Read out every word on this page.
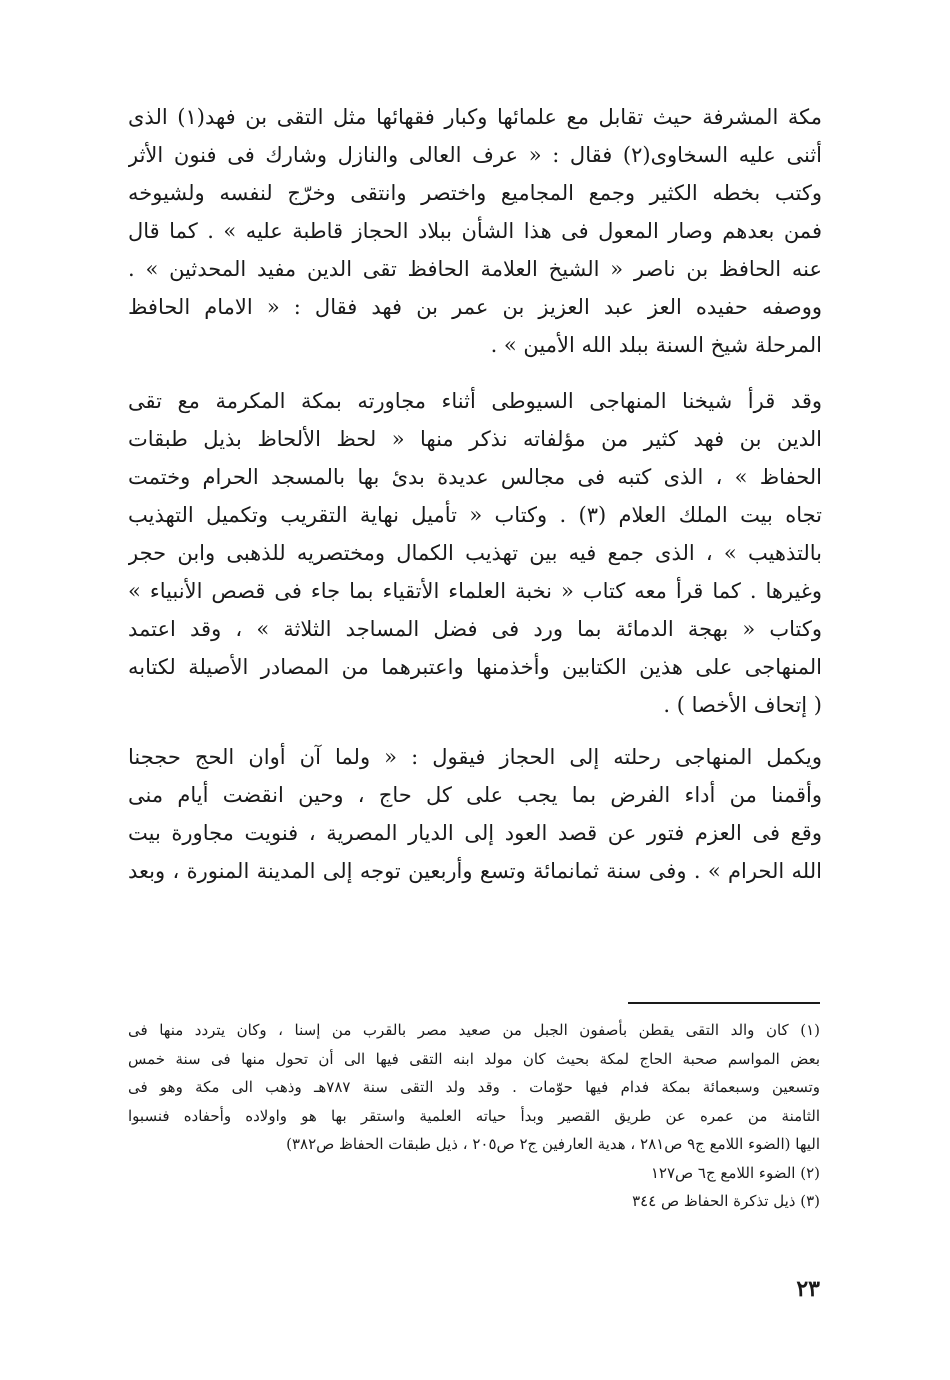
مكة المشرفة حيث تقابل مع علمائها وكبار فقهائها مثل التقى بن فهد(١) الذى
أثنى عليه السخاوى(٢) فقال : « عرف العالى والنازل وشارك فى فنون الأثر
وكتب بخطه الكثير وجمع المجاميع واختصر وانتقى وخرّج لنفسه ولشيوخه
فمن بعدهم وصار المعول فى هذا الشأن ببلاد الحجاز قاطبة عليه » . كما قال
عنه الحافظ بن ناصر « الشيخ العلامة الحافظ تقى الدين مفيد المحدثين » .
ووصفه حفيده العز عبد العزيز بن عمر بن فهد فقال : « الامام الحافظ
المرحلة شيخ السنة ببلد الله الأمين » .
وقد قرأ شيخنا المنهاجى السيوطى أثناء مجاورته بمكة المكرمة مع تقى
الدين بن فهد كثير من مؤلفاته نذكر منها « لحظ الألحاظ بذيل طبقات
الحفاظ » ، الذى كتبه فى مجالس عديدة بدئ بها بالمسجد الحرام وختمت
تجاه بيت الملك العلام (٣) . وكتاب « تأميل نهاية التقريب وتكميل التهذيب
بالتذهيب » ، الذى جمع فيه بين تهذيب الكمال ومختصريه للذهبى وابن حجر
وغيرها . كما قرأ معه كتاب « نخبة العلماء الأتقياء بما جاء فى قصص الأنبياء »
وكتاب « بهجة الدمائة بما ورد فى فضل المساجد الثلاثة » ، وقد اعتمد
المنهاجى على هذين الكتابين وأخذمنها واعتبرهما من المصادر الأصيلة لكتابه
( إتحاف الأخصا ) .
ويكمل المنهاجى رحلته إلى الحجاز فيقول : « ولما آن أوان الحج حججنا
وأقمنا من أداء الفرض بما يجب على كل حاج ، وحين انقضت أيام منى
وقع فى العزم فتور عن قصد العود إلى الديار المصرية ، فنويت مجاورة بيت
الله الحرام » . وفى سنة ثمانمائة وتسع وأربعين توجه إلى المدينة المنورة ، وبعد
(١) كان والد التقى يقطن بأصفون الجبل من صعيد مصر بالقرب من إسنا ، وكان يتردد منها فى
بعض المواسم صحبة الحاج لمكة بحيث كان مولد ابنه التقى فيها الى أن تحول منها فى سنة خمس
وتسعين وسبعمائة بمكة فدام فيها حوّمات . وقد ولد التقى سنة ٧٨٧هـ وذهب الى مكة وهو فى
الثامنة من عمره عن طريق القصير وبدأ حياته العلمية واستقر بها هو واولاده وأحفاده فنسبوا
اليها (الضوء اللامع ج٩ ص٢٨١ ، هدية العارفين ج٢ ص٢٠٥ ، ذيل طبقات الحفاظ ص٣٨٢)
(٢) الضوء اللامع ج٦ ص١٢٧
(٣) ذيل تذكرة الحفاظ ص ٣٤٤
٢٣
